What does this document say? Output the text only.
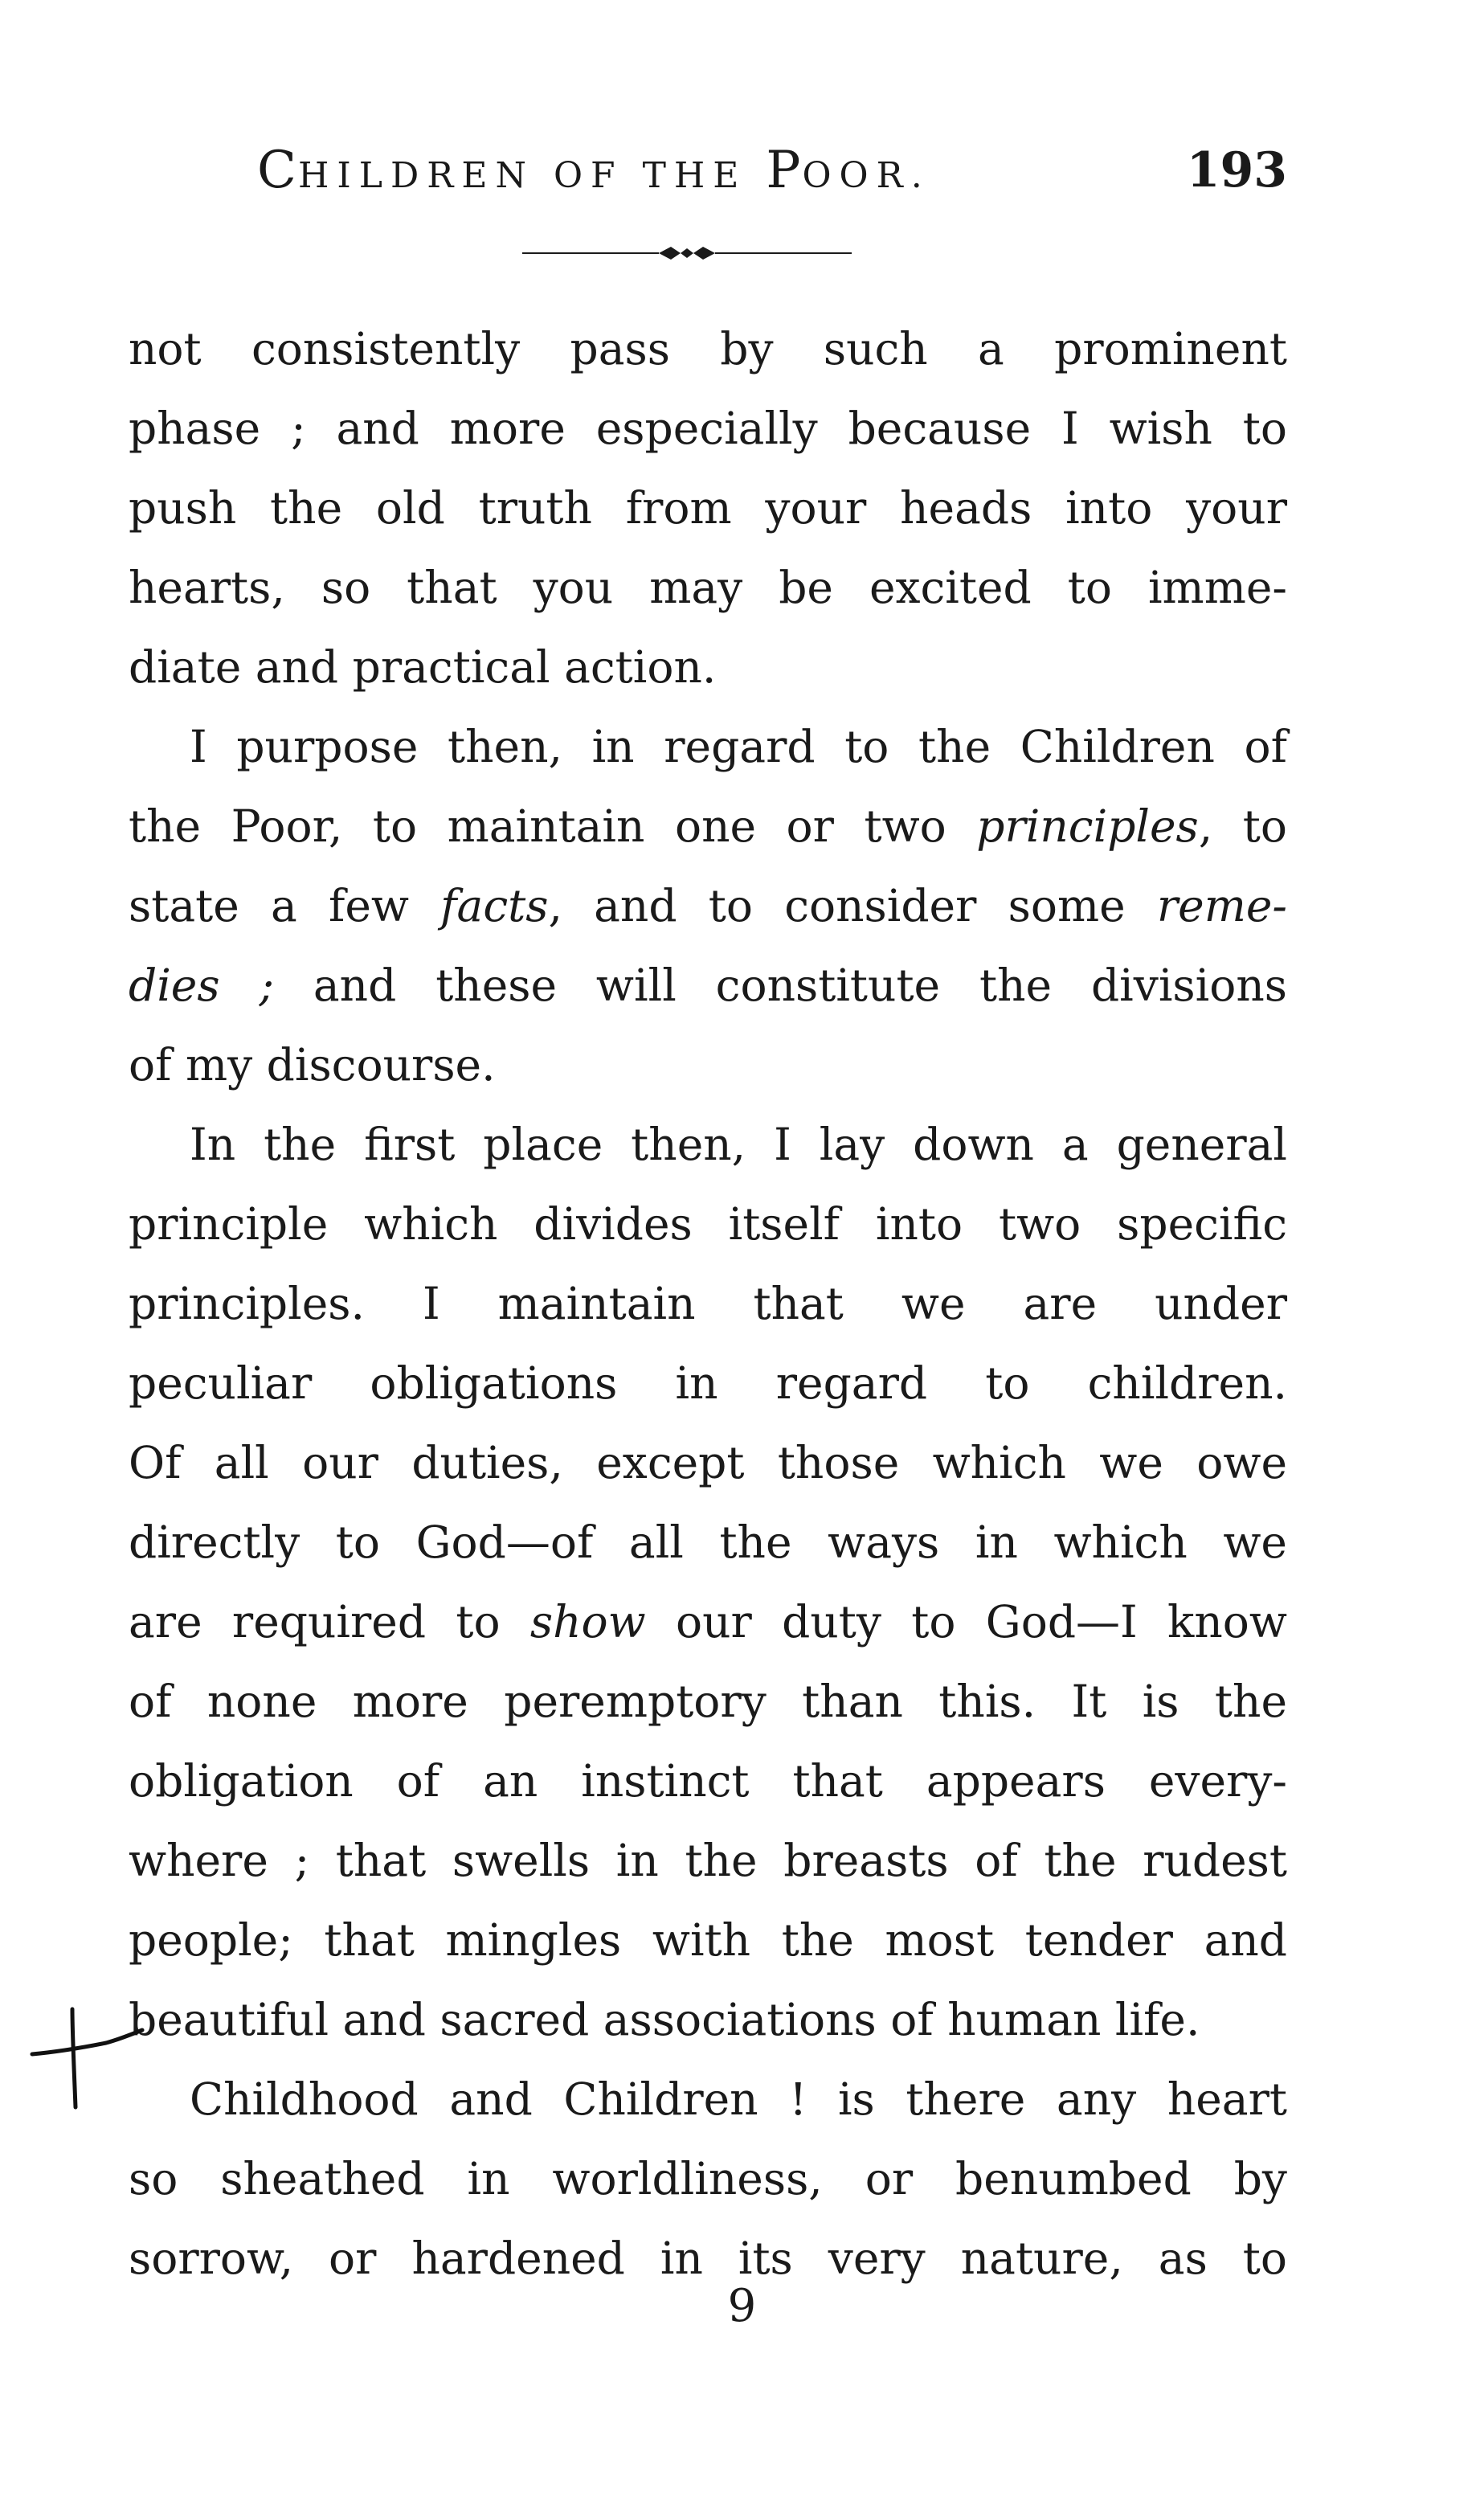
CHILDREN OF THE POOR.	193
not consistently pass by such a prominent
phase ; and more especially because I wish to
push the old truth from your heads into your
hearts, so that you may be excited to imme-
diate and practical action.
I purpose then, in regard to the Children of
the Poor, to maintain one or two principles, to
state a few facts, and to consider some reme-
dies ; and these will constitute the divisions
of my discourse.
In the first place then, I lay down a general
principle which divides itself into two specific
principles. I maintain that we are under
peculiar obligations in regard to children.
Of all our duties, except those which we owe
directly to God—of all the ways in which we
are required to show our duty to God—I know
of none more peremptory than this. It is the
obligation of an instinct that appears every-
where ; that swells in the breasts of the rudest
people; that mingles with the most tender and
beautiful and sacred associations of human life.
Childhood and Children ! is there any heart
so sheathed in worldliness, or benumbed by
sorrow, or hardened in its very nature, as to
9
